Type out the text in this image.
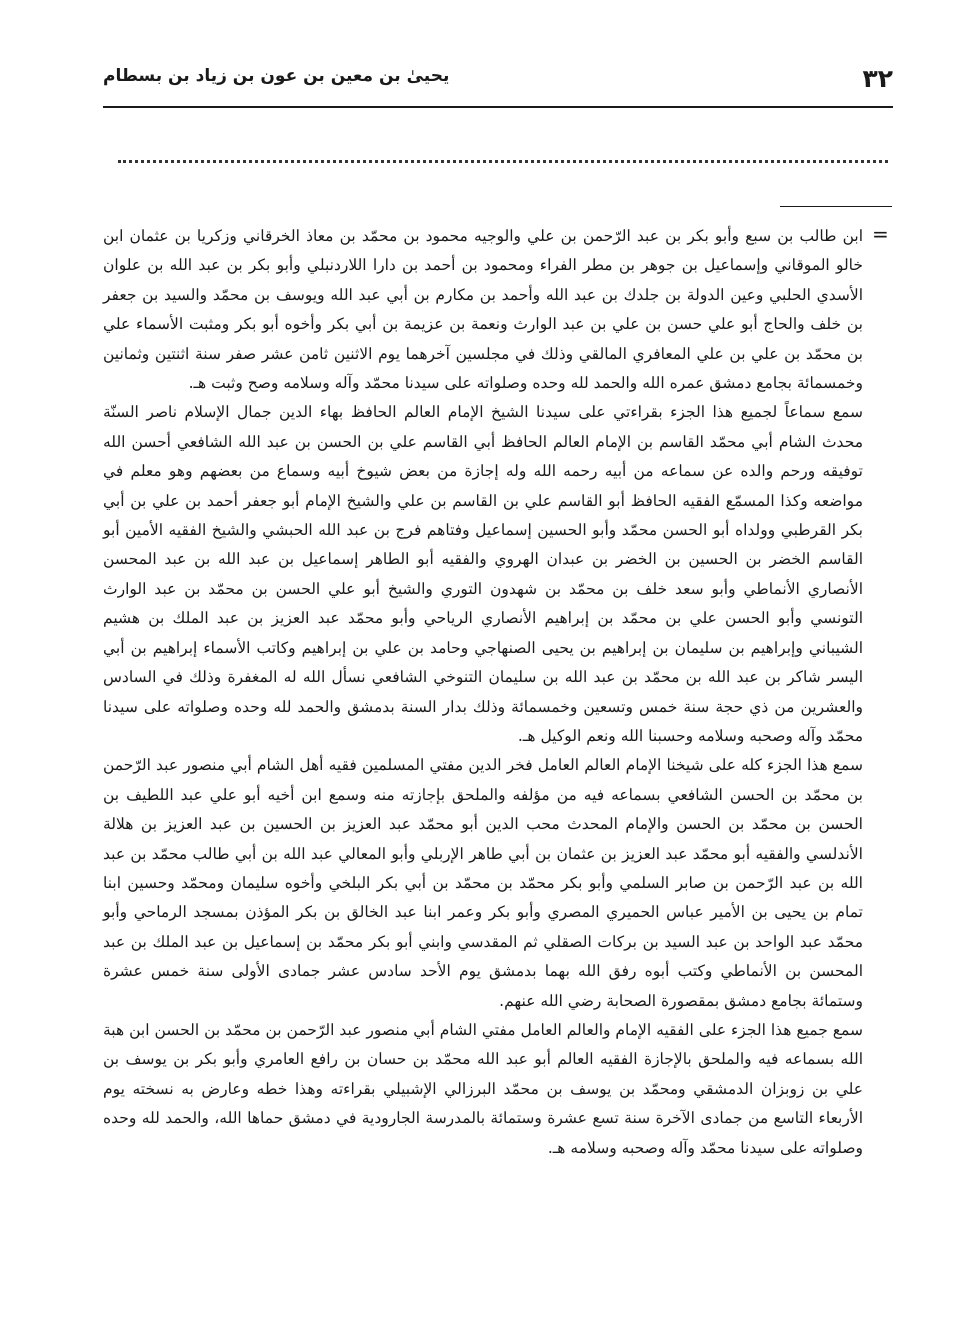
٣٢
يحيىٰ بن معين بن عون بن زياد بن بسطام
=

ابن طالب بن سبع وأبو بكر بن عبد الرّحمن بن علي والوجيه محمود بن محمّد بن معاذ الخرقاني وزكريا بن عثمان ابن خالو الموقاني وإسماعيل بن جوهر بن مطر الفراء ومحمود بن أحمد بن دارا اللاردنبلي وأبو بكر بن عبد الله بن علوان الأسدي الحلبي وعين الدولة بن جلدك بن عبد الله وأحمد بن مكارم بن أبي عبد الله ويوسف بن محمّد والسيد بن جعفر بن خلف والحاج أبو علي حسن بن علي بن عبد الوارث ونعمة بن عزيمة بن أبي بكر وأخوه أبو بكر ومثبت الأسماء علي بن محمّد بن علي بن علي المعافري المالقي وذلك في مجلسين آخرهما يوم الاثنين ثامن عشر صفر سنة اثنتين وثمانين وخمسمائة بجامع دمشق عمره الله والحمد لله وحده وصلواته على سيدنا محمّد وآله وسلامه وصح وثبت هـ.

سمع سماعاً لجميع هذا الجزء بقراءتي على سيدنا الشيخ الإمام العالم الحافظ بهاء الدين جمال الإسلام ناصر السنّة محدث الشام أبي محمّد القاسم بن الإمام العالم الحافظ أبي القاسم علي بن الحسن بن عبد الله الشافعي أحسن الله توفيقه ورحم والده عن سماعه من أبيه رحمه الله وله إجازة من بعض شيوخ أبيه وسماع من بعضهم وهو معلم في مواضعه وكذا المسمّع الفقيه الحافظ أبو القاسم علي بن القاسم بن علي والشيخ الإمام أبو جعفر أحمد بن علي بن أبي بكر القرطبي وولداه أبو الحسن محمّد وأبو الحسين إسماعيل وفتاهم فرج بن عبد الله الحبشي والشيخ الفقيه الأمين أبو القاسم الخضر بن الحسين بن الخضر بن عبدان الهروي والفقيه أبو الطاهر إسماعيل بن عبد الله بن عبد المحسن الأنصاري الأنماطي وأبو سعد خلف بن محمّد بن شهدون التوري والشيخ أبو علي الحسن بن محمّد بن عبد الوارث التونسي وأبو الحسن علي بن محمّد بن إبراهيم الأنصاري الرياحي وأبو محمّد عبد العزيز بن عبد الملك بن هشيم الشيباني وإبراهيم بن سليمان بن إبراهيم بن يحيى الصنهاجي وحامد بن علي بن إبراهيم وكاتب الأسماء إبراهيم بن أبي اليسر شاكر بن عبد الله بن محمّد بن عبد الله بن سليمان التنوخي الشافعي نسأل الله له المغفرة وذلك في السادس والعشرين من ذي حجة سنة خمس وتسعين وخمسمائة وذلك بدار السنة بدمشق والحمد لله وحده وصلواته على سيدنا محمّد وآله وصحبه وسلامه وحسبنا الله ونعم الوكيل هـ.

سمع هذا الجزء كله على شيخنا الإمام العالم العامل فخر الدين مفتي المسلمين فقيه أهل الشام أبي منصور عبد الرّحمن بن محمّد بن الحسن الشافعي بسماعه فيه من مؤلفه والملحق بإجازته منه وسمع ابن أخيه أبو علي عبد اللطيف بن الحسن بن محمّد بن الحسن والإمام المحدث محب الدين أبو محمّد عبد العزيز بن الحسين بن عبد العزيز بن هلالة الأندلسي والفقيه أبو محمّد عبد العزيز بن عثمان بن أبي طاهر الإربلي وأبو المعالي عبد الله بن أبي طالب محمّد بن عبد الله بن عبد الرّحمن بن صابر السلمي وأبو بكر محمّد بن محمّد بن أبي بكر البلخي وأخوه سليمان ومحمّد وحسين ابنا تمام بن يحيى بن الأمير عباس الحميري المصري وأبو بكر وعمر ابنا عبد الخالق بن بكر المؤذن بمسجد الرماحي وأبو محمّد عبد الواحد بن عبد السيد بن بركات الصقلي ثم المقدسي وابني أبو بكر محمّد بن إسماعيل بن عبد الملك بن عبد المحسن بن الأنماطي وكتب أبوه رفق الله بهما بدمشق يوم الأحد سادس عشر جمادى الأولى سنة خمس عشرة وستمائة بجامع دمشق بمقصورة الصحابة رضي الله عنهم.

سمع جميع هذا الجزء على الفقيه الإمام والعالم العامل مفتي الشام أبي منصور عبد الرّحمن بن محمّد بن الحسن ابن هبة الله بسماعه فيه والملحق بالإجازة الفقيه العالم أبو عبد الله محمّد بن حسان بن رافع العامري وأبو بكر بن يوسف بن علي بن زوبزان الدمشقي ومحمّد بن يوسف بن محمّد البرزالي الإشبيلي بقراءته وهذا خطه وعارض به نسخته يوم الأربعاء التاسع من جمادى الآخرة سنة تسع عشرة وستمائة بالمدرسة الجارودية في دمشق حماها الله، والحمد لله وحده وصلواته على سيدنا محمّد وآله وصحبه وسلامه هـ.
